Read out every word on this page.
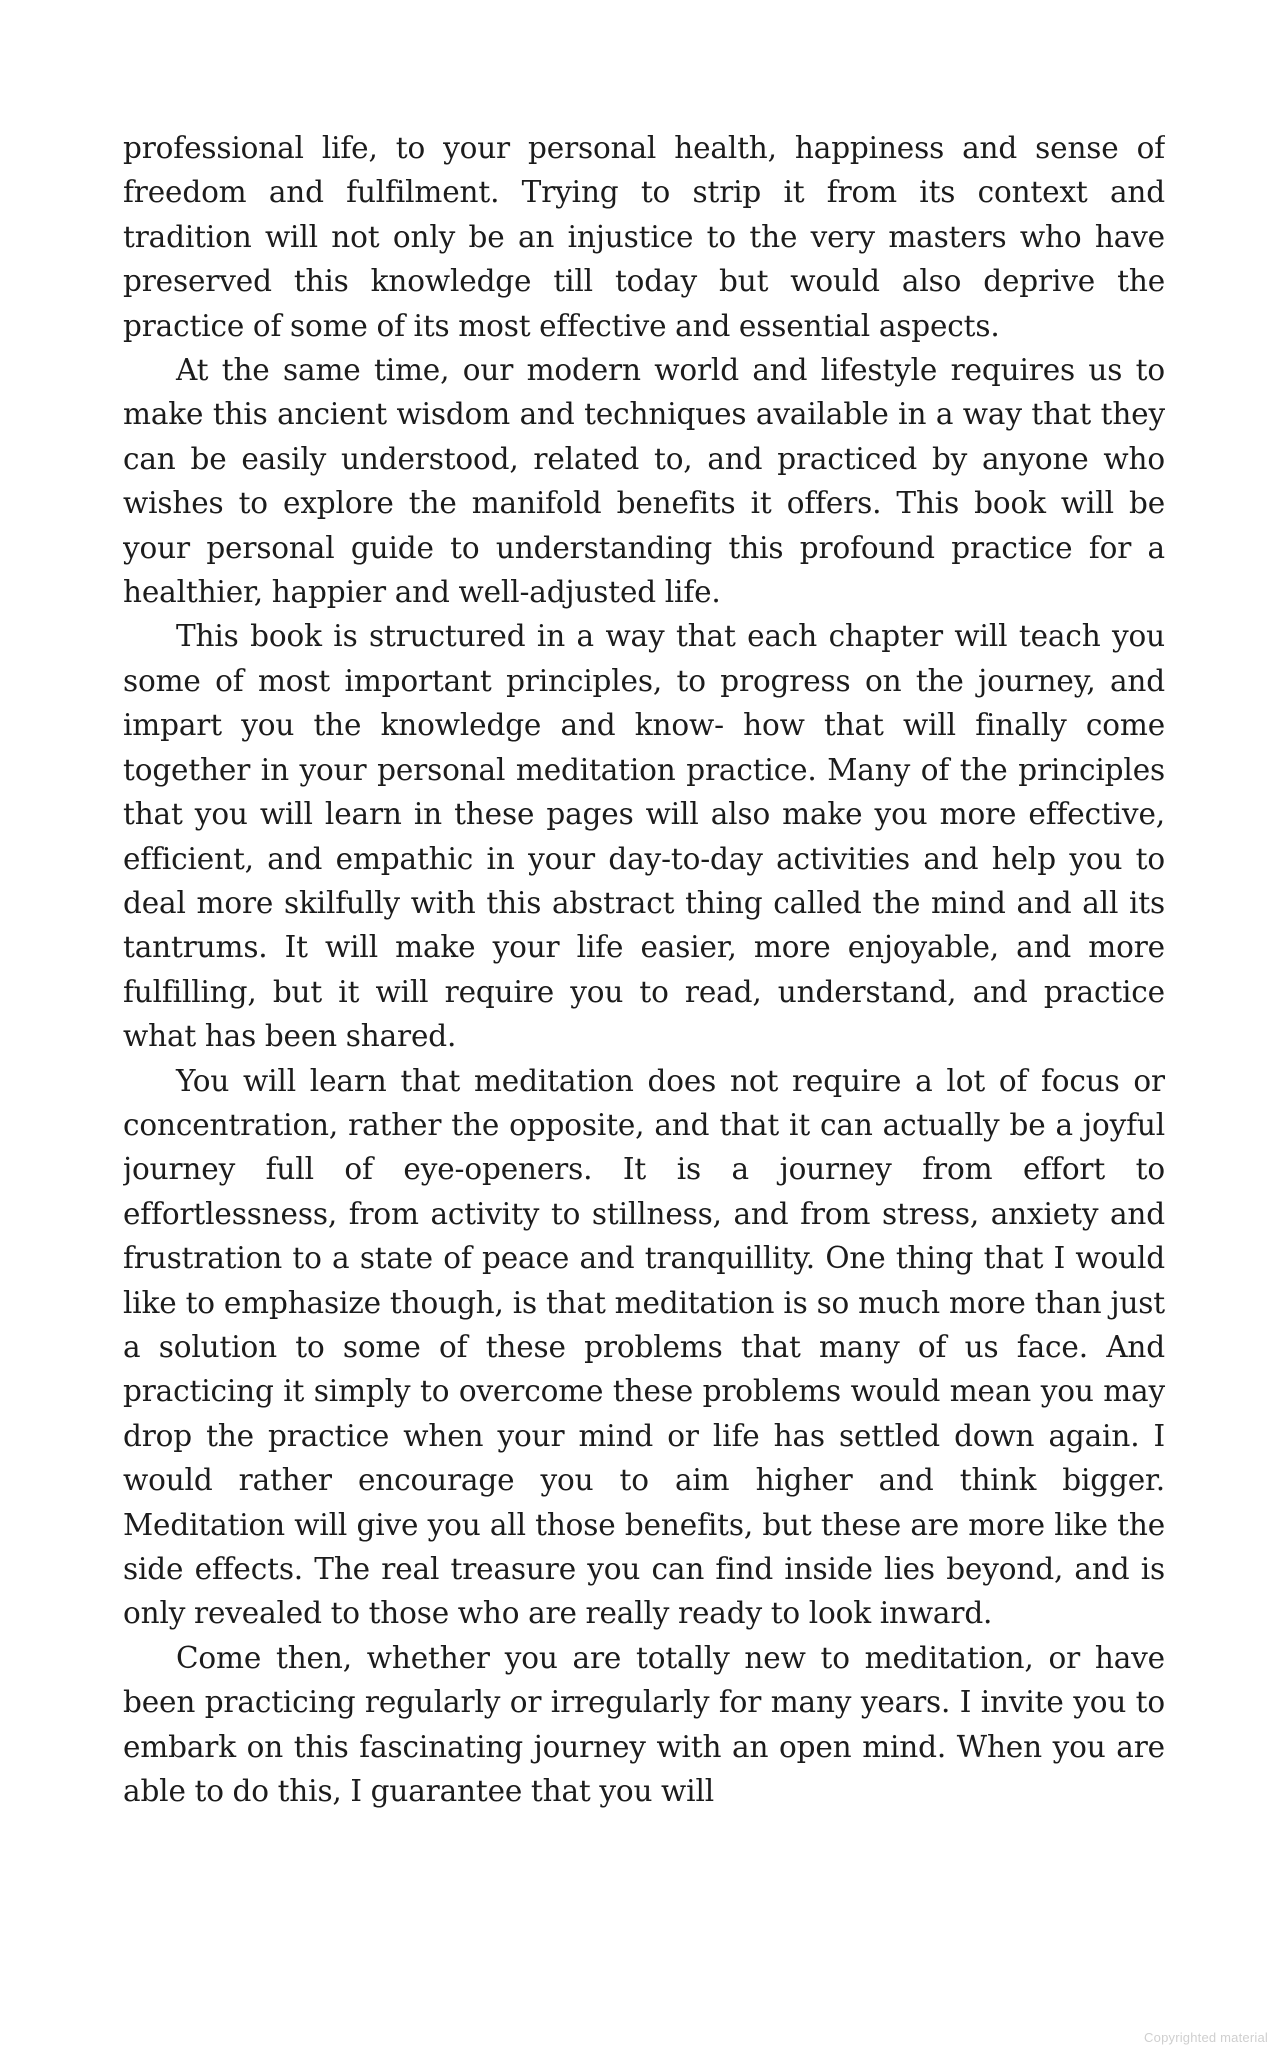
professional life, to your personal health, happiness and sense of freedom and fulfilment. Trying to strip it from its context and tradition will not only be an injustice to the very masters who have preserved this knowledge till today but would also deprive the practice of some of its most effective and essential aspects.

At the same time, our modern world and lifestyle requires us to make this ancient wisdom and techniques available in a way that they can be easily understood, related to, and practiced by anyone who wishes to explore the manifold benefits it offers. This book will be your personal guide to understanding this profound practice for a healthier, happier and well-adjusted life.

This book is structured in a way that each chapter will teach you some of most important principles, to progress on the journey, and impart you the knowledge and know- how that will finally come together in your personal meditation practice. Many of the principles that you will learn in these pages will also make you more effective, efficient, and empathic in your day-to-day activities and help you to deal more skilfully with this abstract thing called the mind and all its tantrums. It will make your life easier, more enjoyable, and more fulfilling, but it will require you to read, understand, and practice what has been shared.

You will learn that meditation does not require a lot of focus or concentration, rather the opposite, and that it can actually be a joyful journey full of eye-openers. It is a journey from effort to effortlessness, from activity to stillness, and from stress, anxiety and frustration to a state of peace and tranquillity. One thing that I would like to emphasize though, is that meditation is so much more than just a solution to some of these problems that many of us face. And practicing it simply to overcome these problems would mean you may drop the practice when your mind or life has settled down again. I would rather encourage you to aim higher and think bigger. Meditation will give you all those benefits, but these are more like the side effects. The real treasure you can find inside lies beyond, and is only revealed to those who are really ready to look inward.

Come then, whether you are totally new to meditation, or have been practicing regularly or irregularly for many years. I invite you to embark on this fascinating journey with an open mind. When you are able to do this, I guarantee that you will

Copyrighted material
